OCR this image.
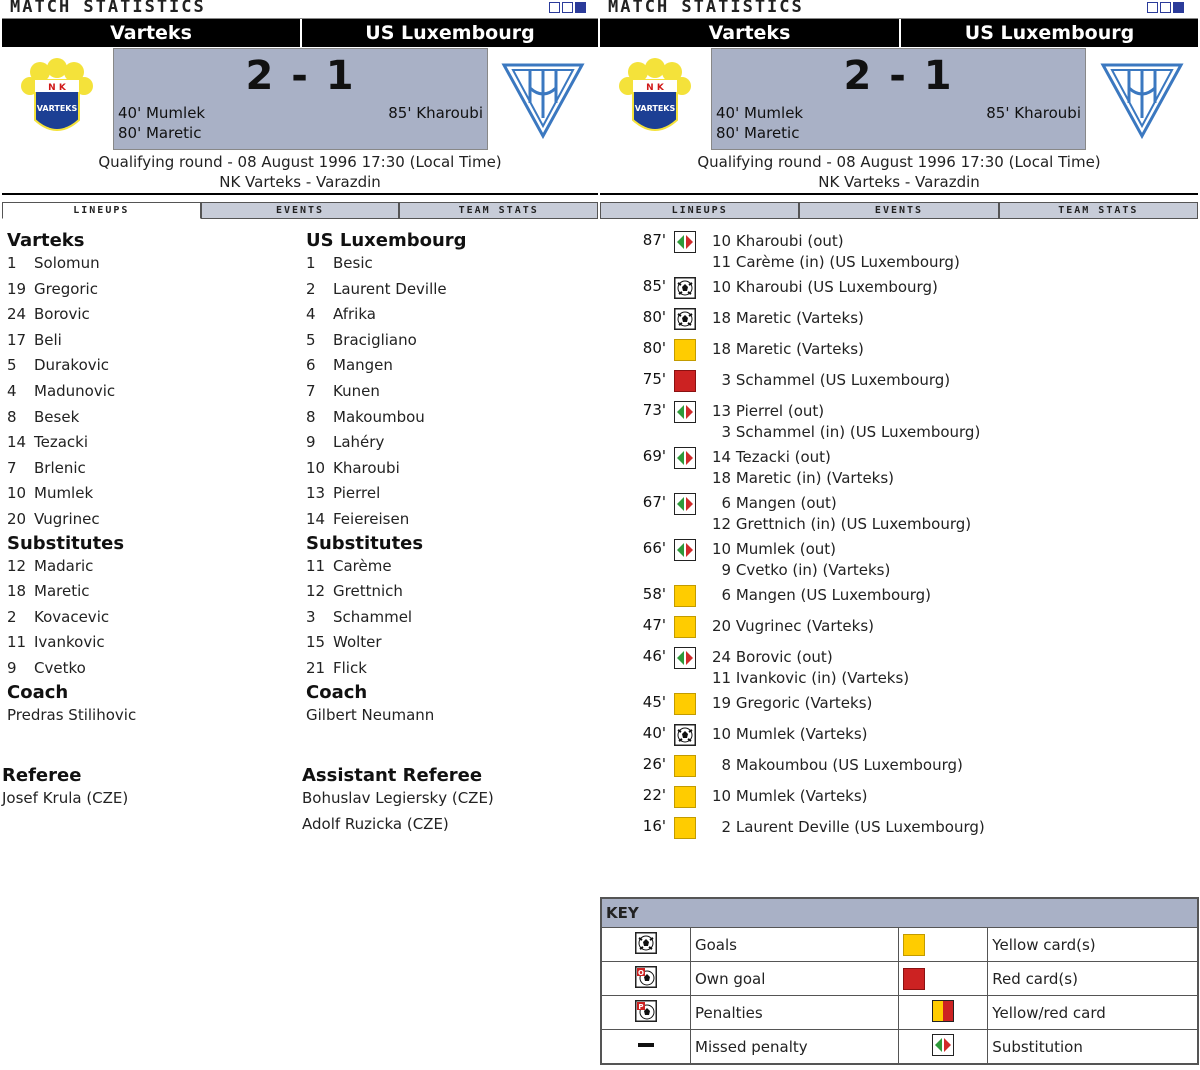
MATCH STATISTICS
Varteks	US Luxembourg
N K
VARTEKS
2 - 1
40' Mumlek
80' Maretic
85' Kharoubi
Qualifying round - 08 August 1996 17:30 (Local Time)
NK Varteks - Varazdin
LINEUPS	EVENTS	TEAM STATS
Varteks
1 Solomun
19 Gregoric
24 Borovic
17 Beli
5 Durakovic
4 Madunovic
8 Besek
14 Tezacki
7 Brlenic
10 Mumlek
20 Vugrinec
Substitutes
12 Madaric
18 Maretic
2 Kovacevic
11 Ivankovic
9 Cvetko
Coach
Predras Stilihovic
US Luxembourg
1 Besic
2 Laurent Deville
4 Afrika
5 Bracigliano
6 Mangen
7 Kunen
8 Makoumbou
9 Lahéry
10 Kharoubi
13 Pierrel
14 Feiereisen
Substitutes
11 Carème
12 Grettnich
3 Schammel
15 Wolter
21 Flick
Coach
Gilbert Neumann
Referee
Josef Krula (CZE)
Assistant Referee
Bohuslav Legierskу (CZE)
Adolf Ruzicka (CZE)
MATCH STATISTICS
Varteks	US Luxembourg
N K
VARTEKS
2 - 1
40' Mumlek
80' Maretic
85' Kharoubi
Qualifying round - 08 August 1996 17:30 (Local Time)
NK Varteks - Varazdin
LINEUPS	EVENTS	TEAM STATS
87'	10 Kharoubi (out)
11 Carème (in) (US Luxembourg)
85'	10 Kharoubi (US Luxembourg)
80'	18 Maretic (Varteks)
80'	18 Maretic (Varteks)
75'	3 Schammel (US Luxembourg)
73'	13 Pierrel (out)
3 Schammel (in) (US Luxembourg)
69'	14 Tezacki (out)
18 Maretic (in) (Varteks)
67'	6 Mangen (out)
12 Grettnich (in) (US Luxembourg)
66'	10 Mumlek (out)
9 Cvetko (in) (Varteks)
58'	6 Mangen (US Luxembourg)
47'	20 Vugrinec (Varteks)
46'	24 Borovic (out)
11 Ivankovic (in) (Varteks)
45'	19 Gregoric (Varteks)
40'	10 Mumlek (Varteks)
26'	8 Makoumbou (US Luxembourg)
22'	10 Mumlek (Varteks)
16'	2 Laurent Deville (US Luxembourg)
KEY			
	Goals		Yellow card(s)

O	Own goal		Red card(s)

P	Penalties		Yellow/red card
	Missed penalty		Substitution
